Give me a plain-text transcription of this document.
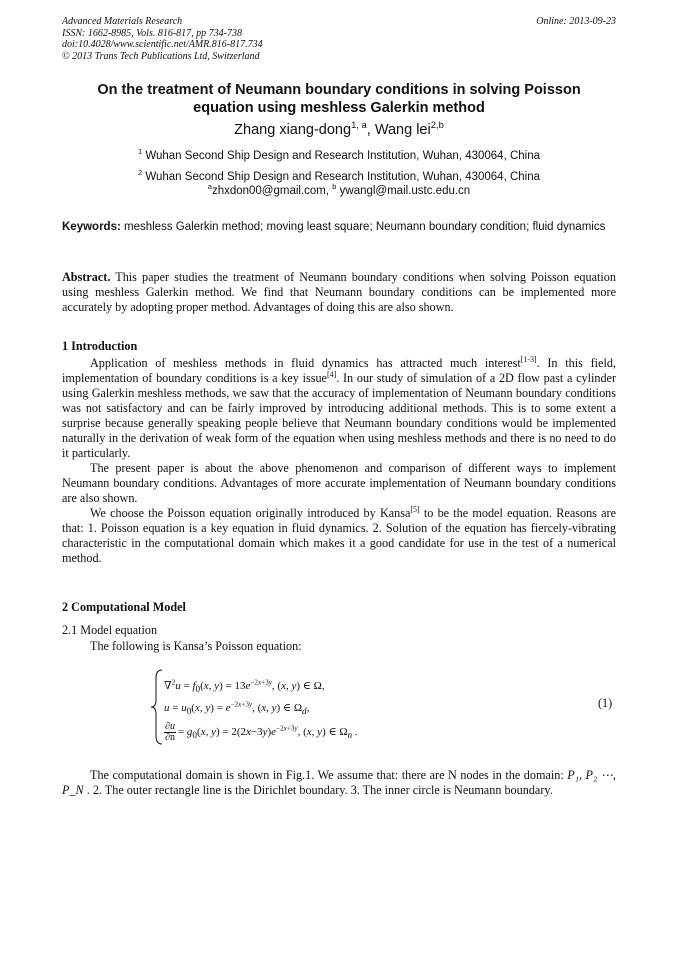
Advanced Materials Research
ISSN: 1662-8985, Vols. 816-817, pp 734-738
doi:10.4028/www.scientific.net/AMR.816-817.734
© 2013 Trans Tech Publications Ltd, Switzerland
Online: 2013-09-23
On the treatment of Neumann boundary conditions in solving Poisson
equation using meshless Galerkin method
Zhang xiang-dong$^{1, a}$, Wang lei$^{2,b}$
$^1$ Wuhan Second Ship Design and Research Institution, Wuhan, 430064, China
$^2$ Wuhan Second Ship Design and Research Institution, Wuhan, 430064, China
$^a$zhxdon00@gmail.com, $^b$ ywangl@mail.ustc.edu.cn
Keywords: meshless Galerkin method; moving least square; Neumann boundary condition; fluid dynamics
Abstract. This paper studies the treatment of Neumann boundary conditions when solving Poisson equation using meshless Galerkin method. We find that Neumann boundary conditions can be implemented more accurately by adopting proper method. Advantages of doing this are also shown.
1 Introduction

Application of meshless methods in fluid dynamics has attracted much interest[1-3]. In this field, implementation of boundary conditions is a key issue[4]. In our study of simulation of a 2D flow past a cylinder using Galerkin meshless methods, we saw that the accuracy of implementation of Neumann boundary conditions was not satisfactory and can be fairly improved by introducing additional methods. This is to some extent a surprise because generally speaking people believe that Neumann boundary conditions would be implemented naturally in the derivation of weak form of the equation when using meshless methods and there is no need to do it particularly.

The present paper is about the above phenomenon and comparison of different ways to implement Neumann boundary conditions. Advantages of more accurate implementation of Neumann boundary conditions are also shown.

We choose the Poisson equation originally introduced by Kansa[5] to be the model equation. Reasons are that: 1. Poisson equation is a key equation in fluid dynamics. 2. Solution of the equation has fiercely-vibrating characteristic in the computational domain which makes it a good candidate for use in the test of a numerical method.

2 Computational Model
2.1 Model equation
The following is Kansa’s Poisson equation:
$\nabla^2u = f_0(x$, $y) = 13e^{-2x+3y}$, (x, y) ∈ Ω,
$u = u_0(x$, $y) = e^{-2x+3y}$, (x, y) ∈ $\Omega_d$,
$\frac{\partial u}{\partial n} = g_0(x$, $y) = 2(2x-3y)e^{-2x+3y}$, (x, y) ∈ $\Omega_n$ .
(1)

The computational domain is shown in Fig.1. We assume that: there are N nodes in the domain: P₁, P₂ ⋯, P_N . 2. The outer rectangle line is the Dirichlet boundary. 3. The inner circle is Neumann boundary.
